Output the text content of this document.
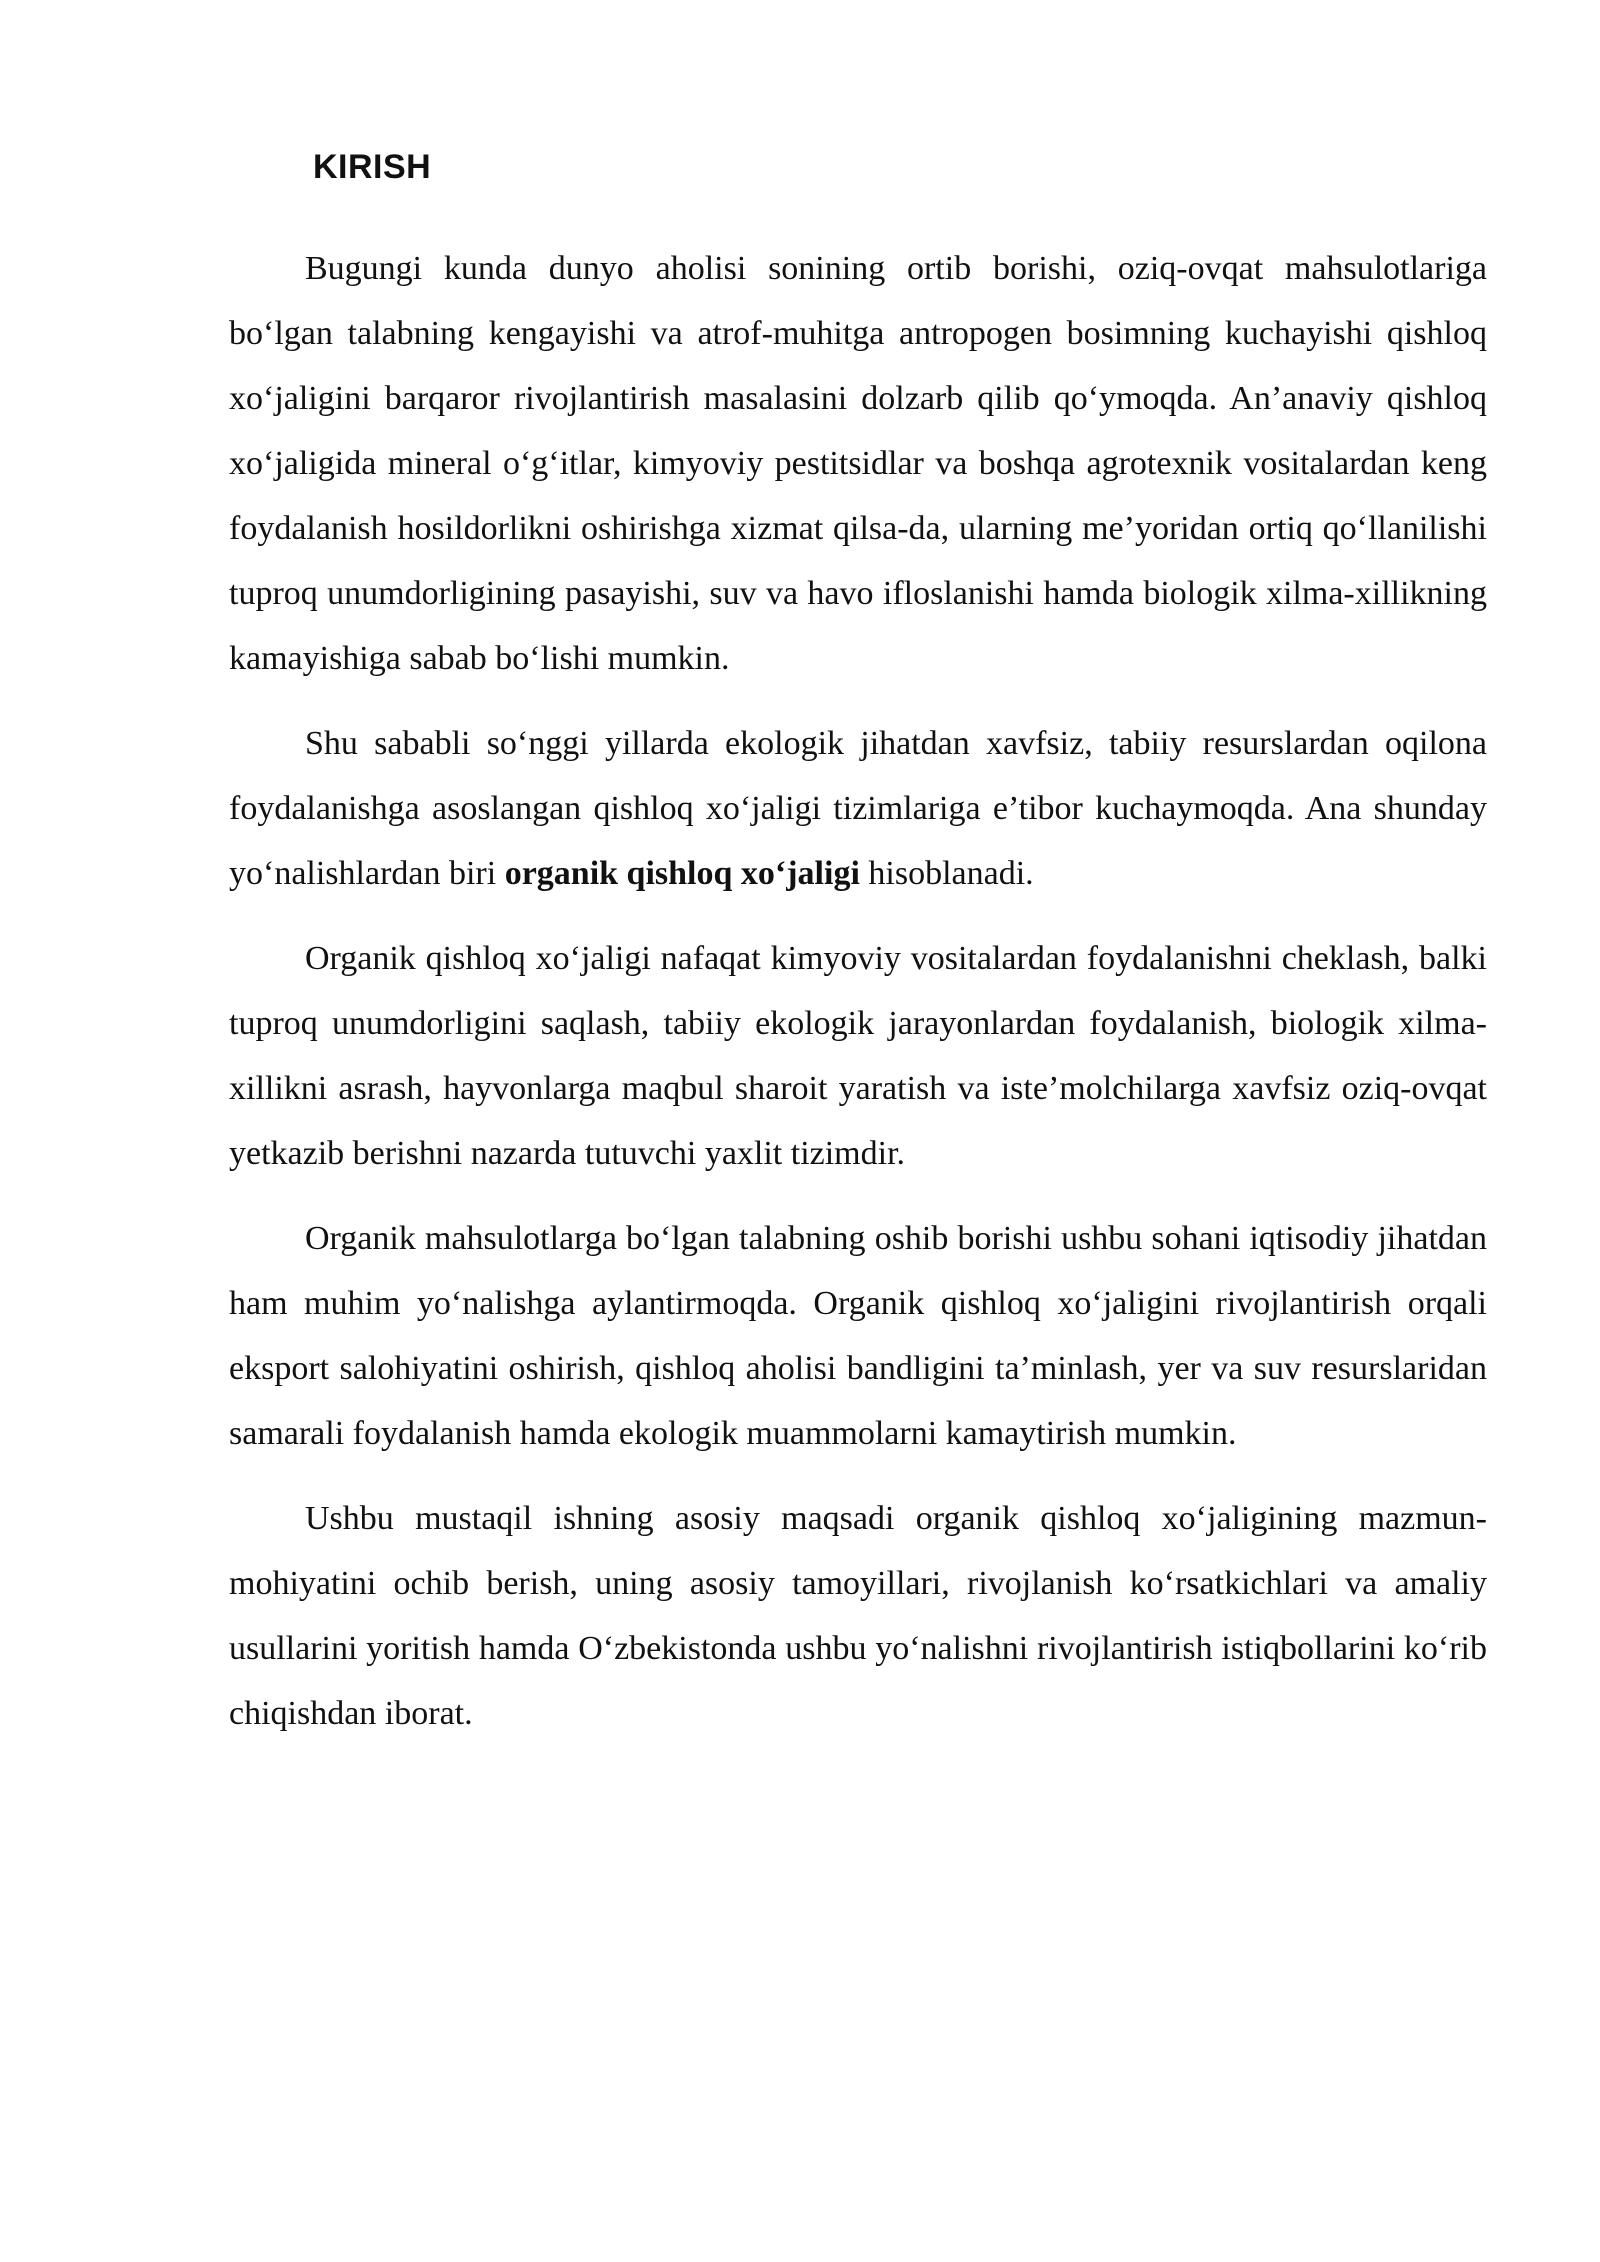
KIRISH

Bugungi kunda dunyo aholisi sonining ortib borishi, oziq-ovqat mahsulotlariga bo‘lgan talabning kengayishi va atrof-muhitga antropogen bosimning kuchayishi qishloq xo‘jaligini barqaror rivojlantirish masalasini dolzarb qilib qo‘ymoqda. An’anaviy qishloq xo‘jaligida mineral o‘g‘itlar, kimyoviy pestitsidlar va boshqa agrotexnik vositalardan keng foydalanish hosildorlikni oshirishga xizmat qilsa-da, ularning me’yoridan ortiq qo‘llanilishi tuproq unumdorligining pasayishi, suv va havo ifloslanishi hamda biologik xilma-xillikning kamayishiga sabab bo‘lishi mumkin.

Shu sababli so‘nggi yillarda ekologik jihatdan xavfsiz, tabiiy resurslardan oqilona foydalanishga asoslangan qishloq xo‘jaligi tizimlariga e’tibor kuchaymoqda. Ana shunday yo‘nalishlardan biri organik qishloq xo‘jaligi hisoblanadi.

Organik qishloq xo‘jaligi nafaqat kimyoviy vositalardan foydalanishni cheklash, balki tuproq unumdorligini saqlash, tabiiy ekologik jarayonlardan foydalanish, biologik xilma-xillikni asrash, hayvonlarga maqbul sharoit yaratish va iste’molchilarga xavfsiz oziq-ovqat yetkazib berishni nazarda tutuvchi yaxlit tizimdir.

Organik mahsulotlarga bo‘lgan talabning oshib borishi ushbu sohani iqtisodiy jihatdan ham muhim yo‘nalishga aylantirmoqda. Organik qishloq xo‘jaligini rivojlantirish orqali eksport salohiyatini oshirish, qishloq aholisi bandligini ta’minlash, yer va suv resurslaridan samarali foydalanish hamda ekologik muammolarni kamaytirish mumkin.

Ushbu mustaqil ishning asosiy maqsadi organik qishloq xo‘jaligining mazmun-mohiyatini ochib berish, uning asosiy tamoyillari, rivojlanish ko‘rsatkichlari va amaliy usullarini yoritish hamda O‘zbekistonda ushbu yo‘nalishni rivojlantirish istiqbollarini ko‘rib chiqishdan iborat.
